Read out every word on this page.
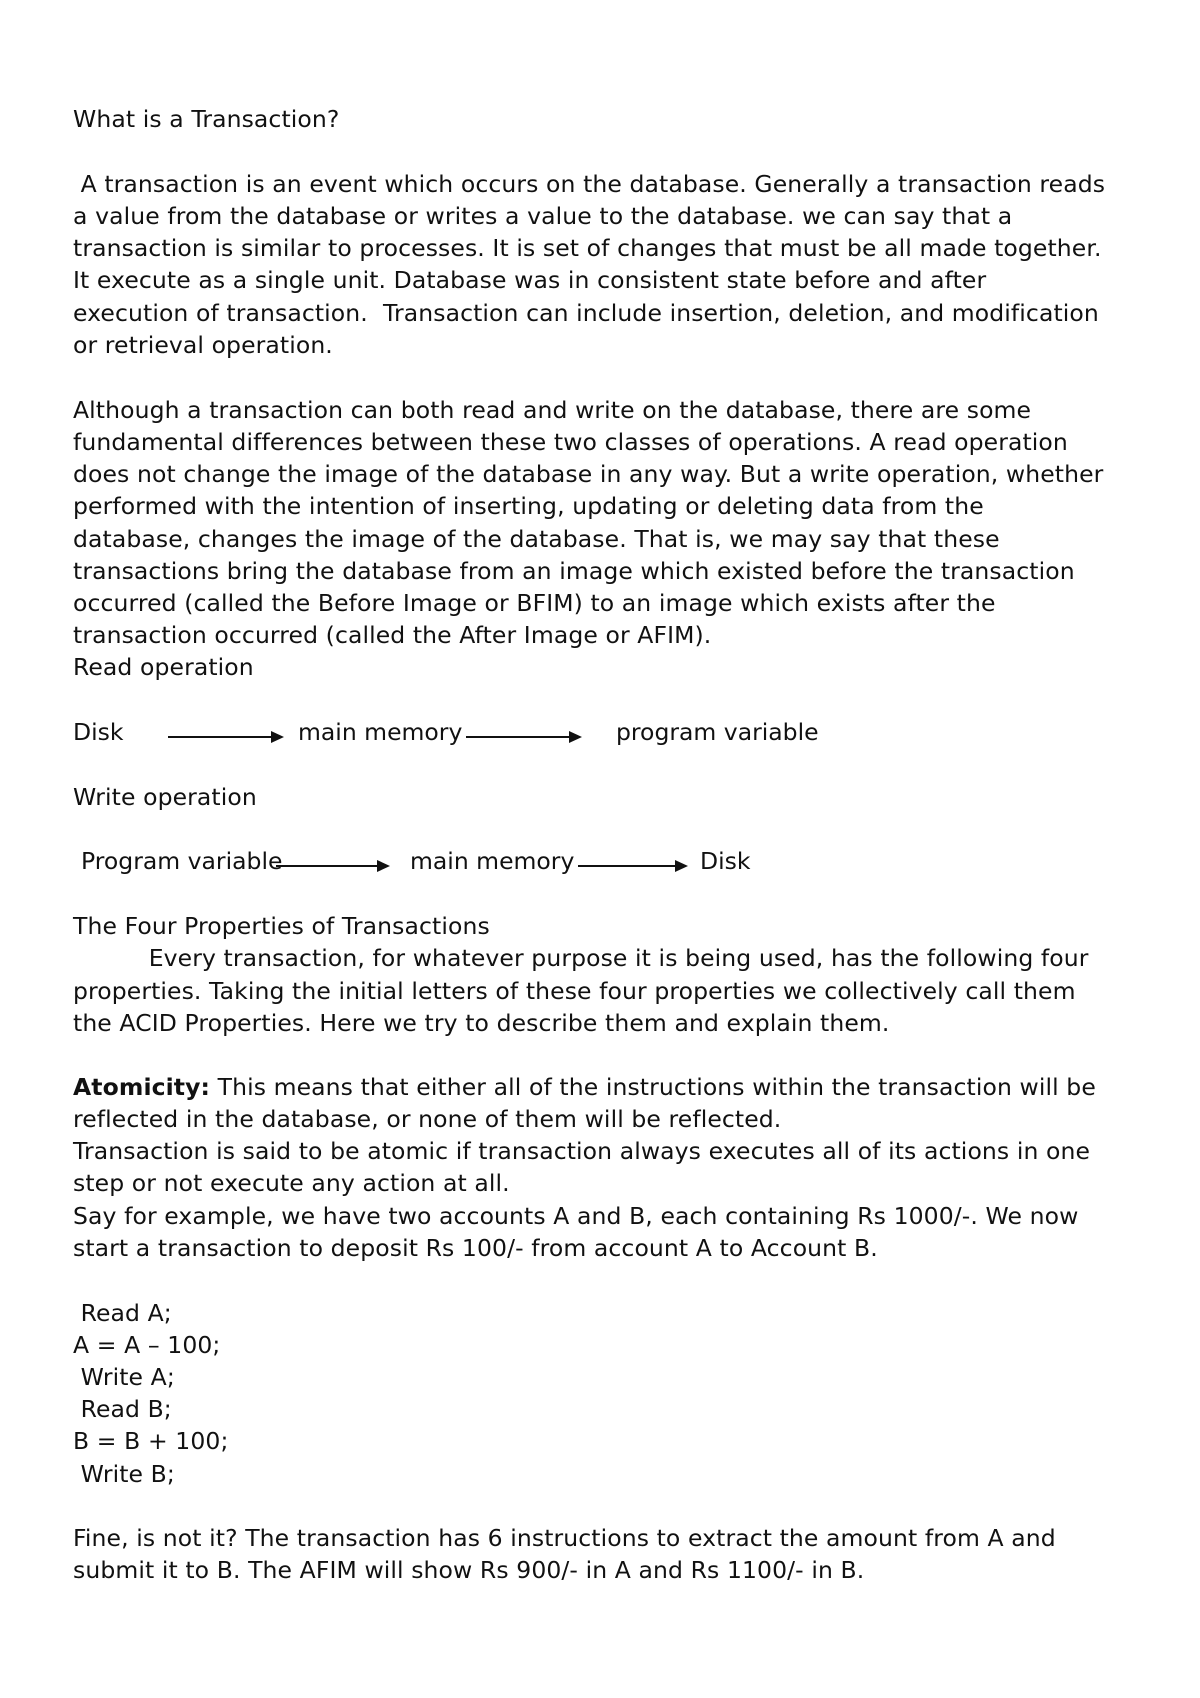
What is a Transaction?
A transaction is an event which occurs on the database. Generally a transaction reads
a value from the database or writes a value to the database. we can say that a
transaction is similar to processes. It is set of changes that must be all made together.
It execute as a single unit. Database was in consistent state before and after
execution of transaction.  Transaction can include insertion, deletion, and modification
or retrieval operation.
Although a transaction can both read and write on the database, there are some
fundamental differences between these two classes of operations. A read operation
does not change the image of the database in any way. But a write operation, whether
performed with the intention of inserting, updating or deleting data from the
database, changes the image of the database. That is, we may say that these
transactions bring the database from an image which existed before the transaction
occurred (called the Before Image or BFIM) to an image which exists after the
transaction occurred (called the After Image or AFIM).
Read operation
Disk	main memory	program variable
Write operation
Program variable	main memory	Disk
The Four Properties of Transactions
Every transaction, for whatever purpose it is being used, has the following four
properties. Taking the initial letters of these four properties we collectively call them
the ACID Properties. Here we try to describe them and explain them.
Atomicity: This means that either all of the instructions within the transaction will be
reflected in the database, or none of them will be reflected.
Transaction is said to be atomic if transaction always executes all of its actions in one
step or not execute any action at all.
Say for example, we have two accounts A and B, each containing Rs 1000/-. We now
start a transaction to deposit Rs 100/- from account A to Account B.
Read A;
A = A – 100;
Write A;
Read B;
B = B + 100;
Write B;
Fine, is not it? The transaction has 6 instructions to extract the amount from A and
submit it to B. The AFIM will show Rs 900/- in A and Rs 1100/- in B.
